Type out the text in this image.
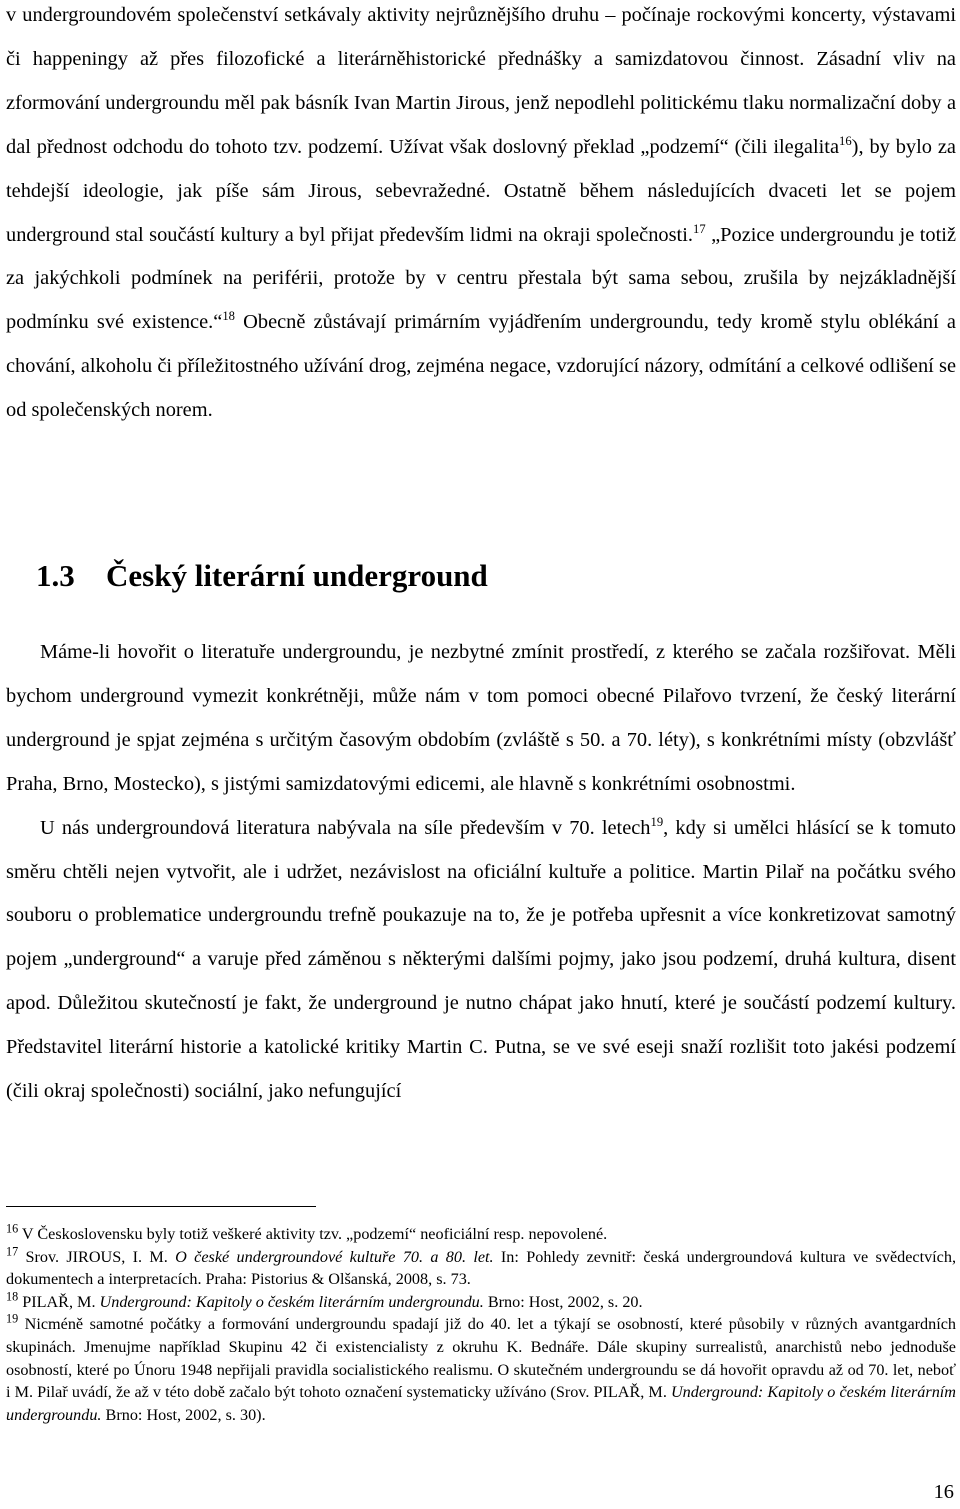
v undergroundovém společenství setkávaly aktivity nejrůznějšího druhu – počínaje rockovými koncerty, výstavami či happeningy až přes filozofické a literárněhistorické přednášky a samizdatovou činnost. Zásadní vliv na zformování undergroundu měl pak básník Ivan Martin Jirous, jenž nepodlehl politickému tlaku normalizační doby a dal přednost odchodu do tohoto tzv. podzemí. Užívat však doslovný překlad „podzemí“ (čili ilegalita$^{16}$), by bylo za tehdejší ideologie, jak píše sám Jirous, sebevražedné. Ostatně během následujících dvaceti let se pojem underground stal součástí kultury a byl přijat především lidmi na okraji společnosti.$^{17}$ „Pozice undergroundu je totiž za jakýchkoli podmínek na periférii, protože by v centru přestala být sama sebou, zrušila by nejzákladnější podmínku své existence.“$^{18}$ Obecně zůstávají primárním vyjádřením undergroundu, tedy kromě stylu oblékání a chování, alkoholu či příležitostného užívání drog, zejména negace, vzdorující názory, odmítání a celkové odlišení se od společenských norem.

1.3 Český literární underground

Máme-li hovořit o literatuře undergroundu, je nezbytné zmínit prostředí, z kterého se začala rozšiřovat. Měli bychom underground vymezit konkrétněji, může nám v tom pomoci obecné Pilařovo tvrzení, že český literární underground je spjat zejména s určitým časovým obdobím (zvláště s 50. a 70. léty), s konkrétními místy (obzvlášť Praha, Brno, Mostecko), s jistými samizdatovými edicemi, ale hlavně s konkrétními osobnostmi.

U nás undergroundová literatura nabývala na síle především v 70. letech$^{19}$, kdy si umělci hlásící se k tomuto směru chtěli nejen vytvořit, ale i udržet, nezávislost na oficiální kultuře a politice. Martin Pilař na počátku svého souboru o problematice undergroundu trefně poukazuje na to, že je potřeba upřesnit a více konkretizovat samotný pojem „underground“ a varuje před záměnou s některými dalšími pojmy, jako jsou podzemí, druhá kultura, disent apod. Důležitou skutečností je fakt, že underground je nutno chápat jako hnutí, které je součástí podzemí kultury. Představitel literární historie a katolické kritiky Martin C. Putna, se ve své eseji snaží rozlišit toto jakési podzemí (čili okraj společnosti) sociální, jako nefungující

$^{16}$ V Československu byly totiž veškeré aktivity tzv. „podzemí“ neoficiální resp. nepovolené.

$^{17}$ Srov. JIROUS, I. M. O české undergroundové kultuře 70. a 80. let. In: Pohledy zevnitř: česká undergroundová kultura ve svědectvích, dokumentech a interpretacích. Praha: Pistorius & Olšanská, 2008, s. 73.

$^{18}$ PILAŘ, M. Underground: Kapitoly o českém literárním undergroundu. Brno: Host, 2002, s. 20.

$^{19}$ Nicméně samotné počátky a formování undergroundu spadají již do 40. let a týkají se osobností, které působily v různých avantgardních skupinách. Jmenujme například Skupinu 42 či existencialisty z okruhu K. Bednáře. Dále skupiny surrealistů, anarchistů nebo jednoduše osobností, které po Únoru 1948 nepřijali pravidla socialistického realismu. O skutečném undergroundu se dá hovořit opravdu až od 70. let, neboť i M. Pilař uvádí, že až v této době začalo být tohoto označení systematicky užíváno (Srov. PILAŘ, M. Underground: Kapitoly o českém literárním undergroundu. Brno: Host, 2002, s. 30).

16
